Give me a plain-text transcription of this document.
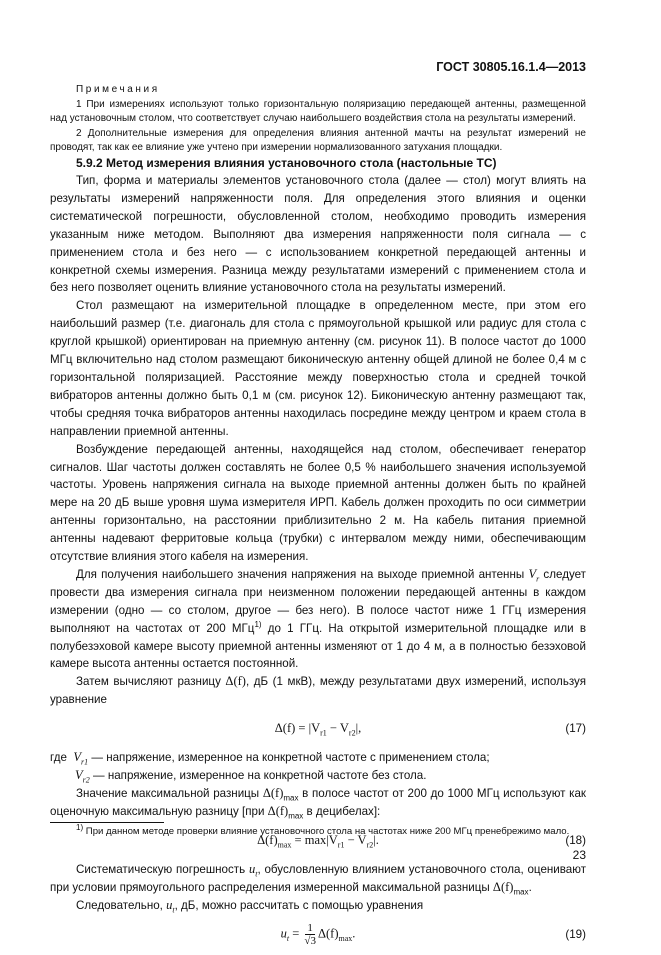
ГОСТ 30805.16.1.4—2013

Примечания

1 При измерениях используют только горизонтальную поляризацию передающей антенны, размещенной над установочным столом, что соответствует случаю наибольшего воздействия стола на результаты измерений.

2 Дополнительные измерения для определения влияния антенной мачты на результат измерений не проводят, так как ее влияние уже учтено при измерении нормализованного затухания площадки.

5.9.2 Метод измерения влияния установочного стола (настольные ТС)

Тип, форма и материалы элементов установочного стола (далее — стол) могут влиять на результаты измерений напряженности поля. Для определения этого влияния и оценки систематической погрешности, обусловленной столом, необходимо проводить измерения указанным ниже методом. Выполняют два измерения напряженности поля сигнала — с применением стола и без него — с использованием конкретной передающей антенны и конкретной схемы измерения. Разница между результатами измерений с применением стола и без него позволяет оценить влияние установочного стола на результаты измерений.

Стол размещают на измерительной площадке в определенном месте, при этом его наибольший размер (т.е. диагональ для стола с прямоугольной крышкой или радиус для стола с круглой крышкой) ориентирован на приемную антенну (см. рисунок 11). В полосе частот до 1000 МГц включительно над столом размещают биконическую антенну общей длиной не более 0,4 м с горизонтальной поляризацией. Расстояние между поверхностью стола и средней точкой вибраторов антенны должно быть 0,1 м (см. рисунок 12). Биконическую антенну размещают так, чтобы средняя точка вибраторов антенны находилась посредине между центром и краем стола в направлении приемной антенны.

Возбуждение передающей антенны, находящейся над столом, обеспечивает генератор сигналов. Шаг частоты должен составлять не более 0,5 % наибольшего значения используемой частоты. Уровень напряжения сигнала на выходе приемной антенны должен быть по крайней мере на 20 дБ выше уровня шума измерителя ИРП. Кабель должен проходить по оси симметрии антенны горизонтально, на расстоянии приблизительно 2 м. На кабель питания приемной антенны надевают ферритовые кольца (трубки) с интервалом между ними, обеспечивающим отсутствие влияния этого кабеля на измерения.

Для получения наибольшего значения напряжения на выходе приемной антенны $V_r$ следует провести два измерения сигнала при неизменном положении передающей антенны в каждом измерении (одно — со столом, другое — без него). В полосе частот ниже 1 ГГц измерения выполняют на частотах от 200 МГц$^{1)}$ до 1 ГГц. На открытой измерительной площадке или в полубезэховой камере высоту приемной антенны изменяют от 1 до 4 м, а в полностью безэховой камере высота антенны остается постоянной.

Затем вычисляют разницу Δ(f), дБ (1 мкВ), между результатами двух измерений, используя уравнение

$\Delta(f) = |V_{r1} - V_{r2}|$,	(17)

где $V_{r1}$ — напряжение, измеренное на конкретной частоте с применением стола;

$V_{r2}$ — напряжение, измеренное на конкретной частоте без стола.

Значение максимальной разницы $\Delta(f)_{max}$ в полосе частот от 200 до 1000 МГц используют как оценочную максимальную разницу [при $\Delta(f)_{max}$ в децибелах]:

$\Delta(f)_{max} = \max|V_{r1} - V_{r2}|$.	(18)

Систематическую погрешность $u_t$, обусловленную влиянием установочного стола, оценивают при условии прямоугольного распределения измеренной максимальной разницы $\Delta(f)_{max}$.

Следовательно, $u_t$, дБ, можно рассчитать с помощью уравнения

$u_t = \frac{1}{√3} \Delta(f)_{max}$.	(19)
$^{1)}$ При данном методе проверки влияние установочного стола на частотах ниже 200 МГц пренебрежимо мало.
23
